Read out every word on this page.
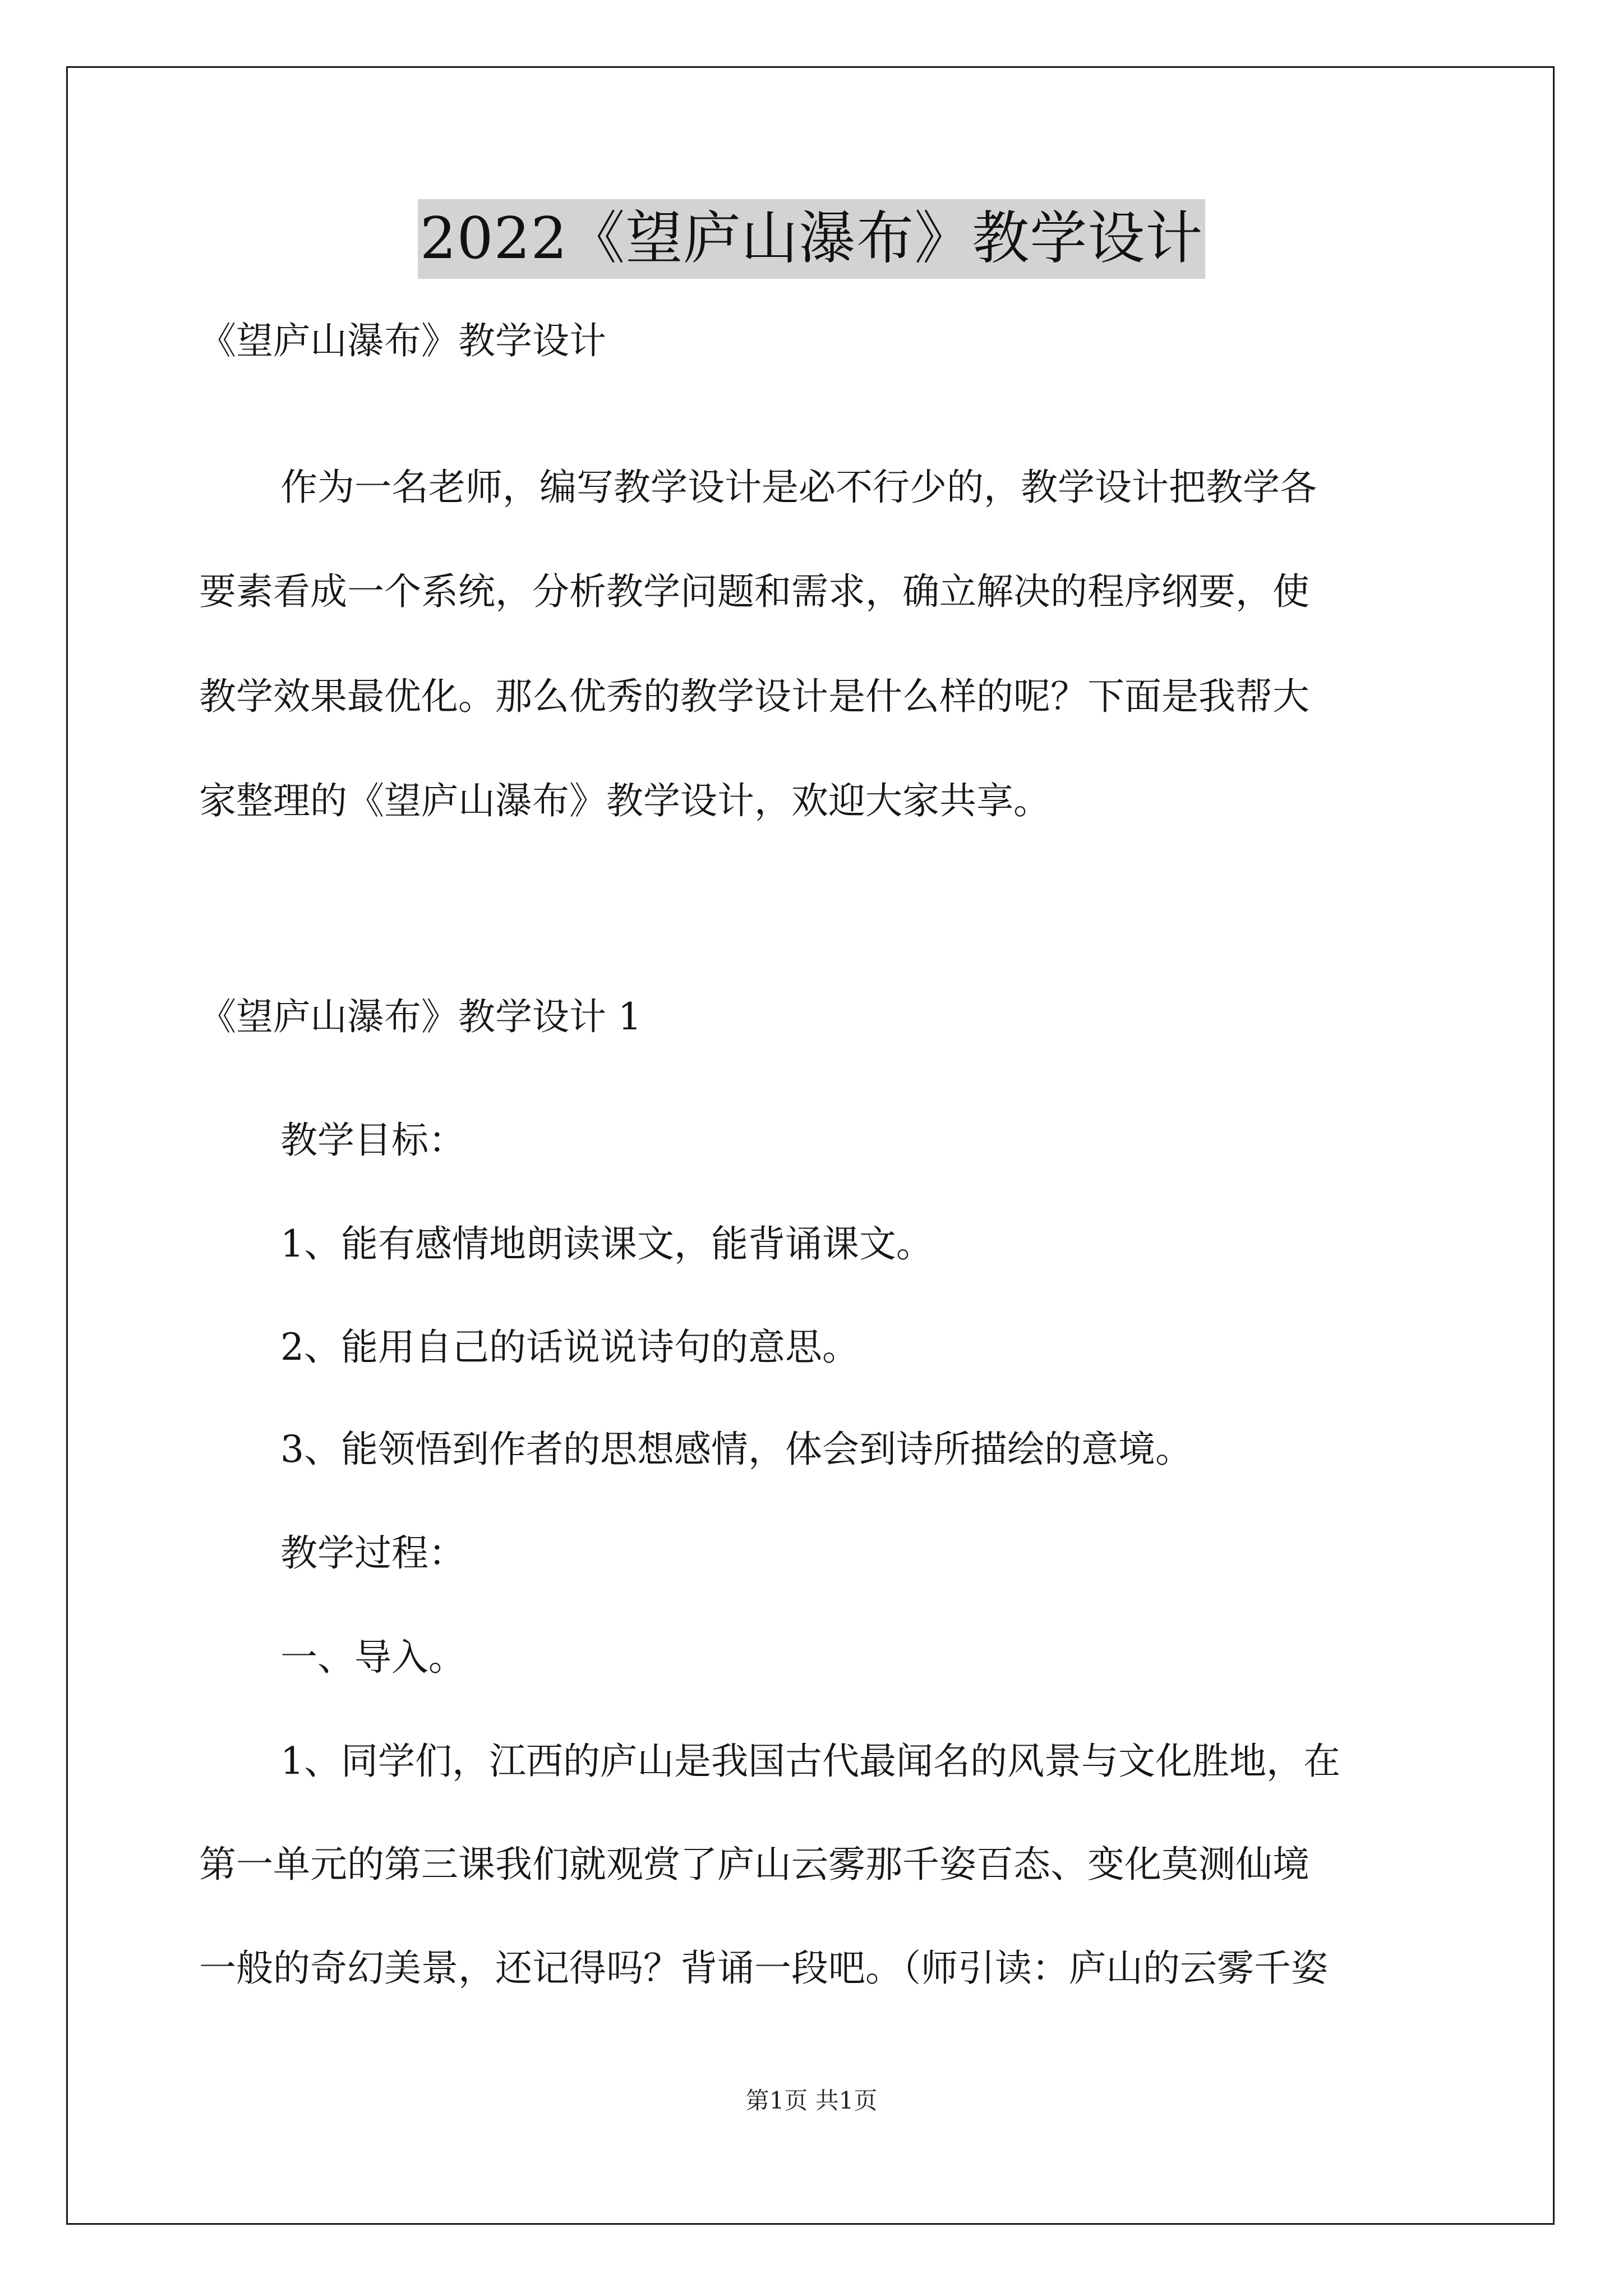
2022《望庐山瀑布》教学设计
《望庐山瀑布》教学设计
作为一名老师，编写教学设计是必不行少的，教学设计把教学各
要素看成一个系统，分析教学问题和需求，确立解决的程序纲要，使
教学效果最优化。那么优秀的教学设计是什么样的呢？下面是我帮大
家整理的《望庐山瀑布》教学设计，欢迎大家共享。
《望庐山瀑布》教学设计 1
教学目标：
1、能有感情地朗读课文，能背诵课文。
2、能用自己的话说说诗句的意思。
3、能领悟到作者的思想感情，体会到诗所描绘的意境。
教学过程：
一、导入。
1、同学们，江西的庐山是我国古代最闻名的风景与文化胜地，在
第一单元的第三课我们就观赏了庐山云雾那千姿百态、变化莫测仙境
一般的奇幻美景，还记得吗？背诵一段吧。（师引读：庐山的云雾千姿
第1页 共1页
